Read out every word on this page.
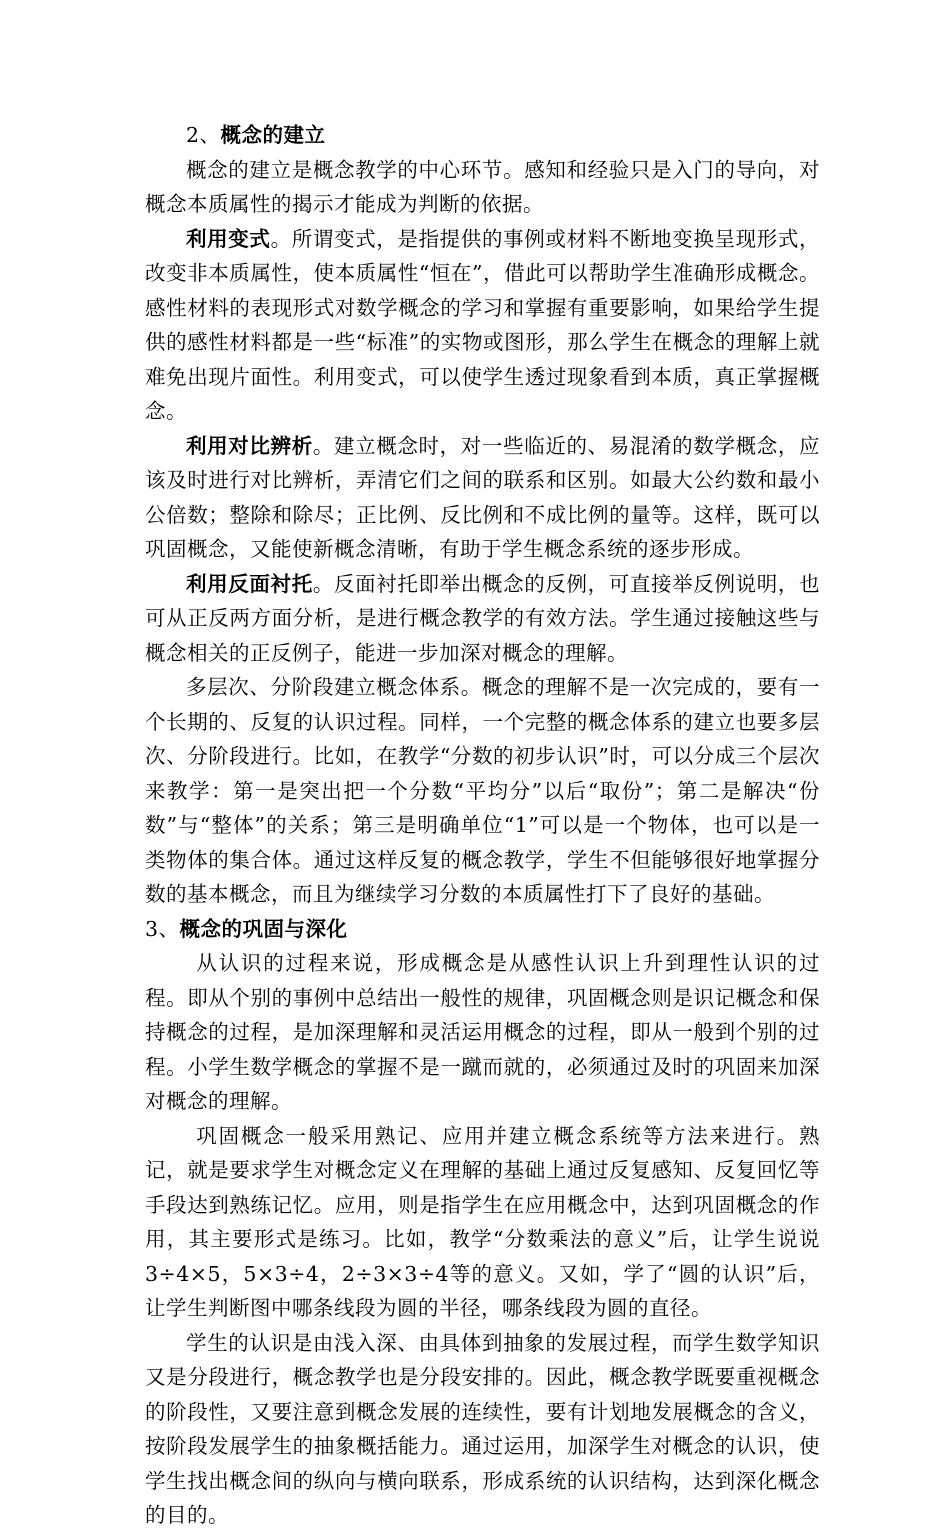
2、概念的建立

概念的建立是概念教学的中心环节。感知和经验只是入门的导向，对概念本质属性的揭示才能成为判断的依据。

利用变式。所谓变式，是指提供的事例或材料不断地变换呈现形式，改变非本质属性，使本质属性“恒在”，借此可以帮助学生准确形成概念。感性材料的表现形式对数学概念的学习和掌握有重要影响，如果给学生提供的感性材料都是一些“标准”的实物或图形，那么学生在概念的理解上就难免出现片面性。利用变式，可以使学生透过现象看到本质，真正掌握概念。

利用对比辨析。建立概念时，对一些临近的、易混淆的数学概念，应该及时进行对比辨析，弄清它们之间的联系和区别。如最大公约数和最小公倍数；整除和除尽；正比例、反比例和不成比例的量等。这样，既可以巩固概念，又能使新概念清晰，有助于学生概念系统的逐步形成。

利用反面衬托。反面衬托即举出概念的反例，可直接举反例说明，也可从正反两方面分析，是进行概念教学的有效方法。学生通过接触这些与概念相关的正反例子，能进一步加深对概念的理解。

多层次、分阶段建立概念体系。概念的理解不是一次完成的，要有一个长期的、反复的认识过程。同样，一个完整的概念体系的建立也要多层次、分阶段进行。比如，在教学“分数的初步认识”时，可以分成三个层次来教学：第一是突出把一个分数“平均分”以后“取份”；第二是解决“份数”与“整体”的关系；第三是明确单位“1”可以是一个物体，也可以是一类物体的集合体。通过这样反复的概念教学，学生不但能够很好地掌握分数的基本概念，而且为继续学习分数的本质属性打下了良好的基础。

3、概念的巩固与深化

从认识的过程来说，形成概念是从感性认识上升到理性认识的过程。即从个别的事例中总结出一般性的规律，巩固概念则是识记概念和保持概念的过程，是加深理解和灵活运用概念的过程，即从一般到个别的过程。小学生数学概念的掌握不是一蹴而就的，必须通过及时的巩固来加深对概念的理解。

巩固概念一般采用熟记、应用并建立概念系统等方法来进行。熟记，就是要求学生对概念定义在理解的基础上通过反复感知、反复回忆等手段达到熟练记忆。应用，则是指学生在应用概念中，达到巩固概念的作用，其主要形式是练习。比如，教学“分数乘法的意义”后，让学生说说3÷4×5，5×3÷4，2÷3×3÷4等的意义。又如，学了“圆的认识”后，让学生判断图中哪条线段为圆的半径，哪条线段为圆的直径。

学生的认识是由浅入深、由具体到抽象的发展过程，而学生数学知识又是分段进行，概念教学也是分段安排的。因此，概念教学既要重视概念的阶段性，又要注意到概念发展的连续性，要有计划地发展概念的含义，按阶段发展学生的抽象概括能力。通过运用，加深学生对概念的认识，使学生找出概念间的纵向与横向联系，形成系统的认识结构，达到深化概念的目的。
